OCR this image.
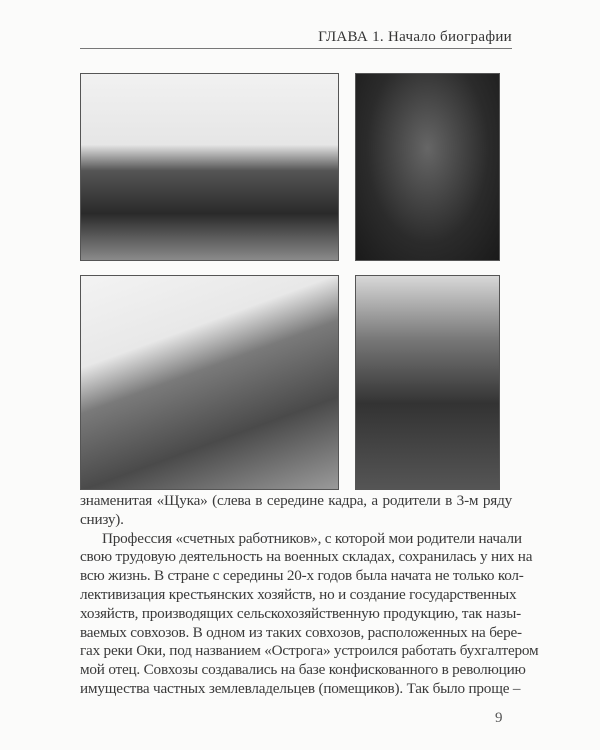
ГЛАВА 1. Начало биографии
знаменитая «Щука» (слева в середине кадра, а родители в 3-м ряду
снизу).
Профессия «счетных работников», с которой мои родители начали
свою трудовую деятельность на военных складах, сохранилась у них на
всю жизнь. В стране с середины 20-х годов была начата не только кол-
лективизация крестьянских хозяйств, но и создание государственных
хозяйств, производящих сельскохозяйственную продукцию, так назы-
ваемых совхозов. В одном из таких совхозов, расположенных на бере-
гах реки Оки, под названием «Острога» устроился работать бухгалтером
мой отец. Совхозы создавались на базе конфискованного в революцию
имущества частных землевладельцев (помещиков). Так было проще –
9
